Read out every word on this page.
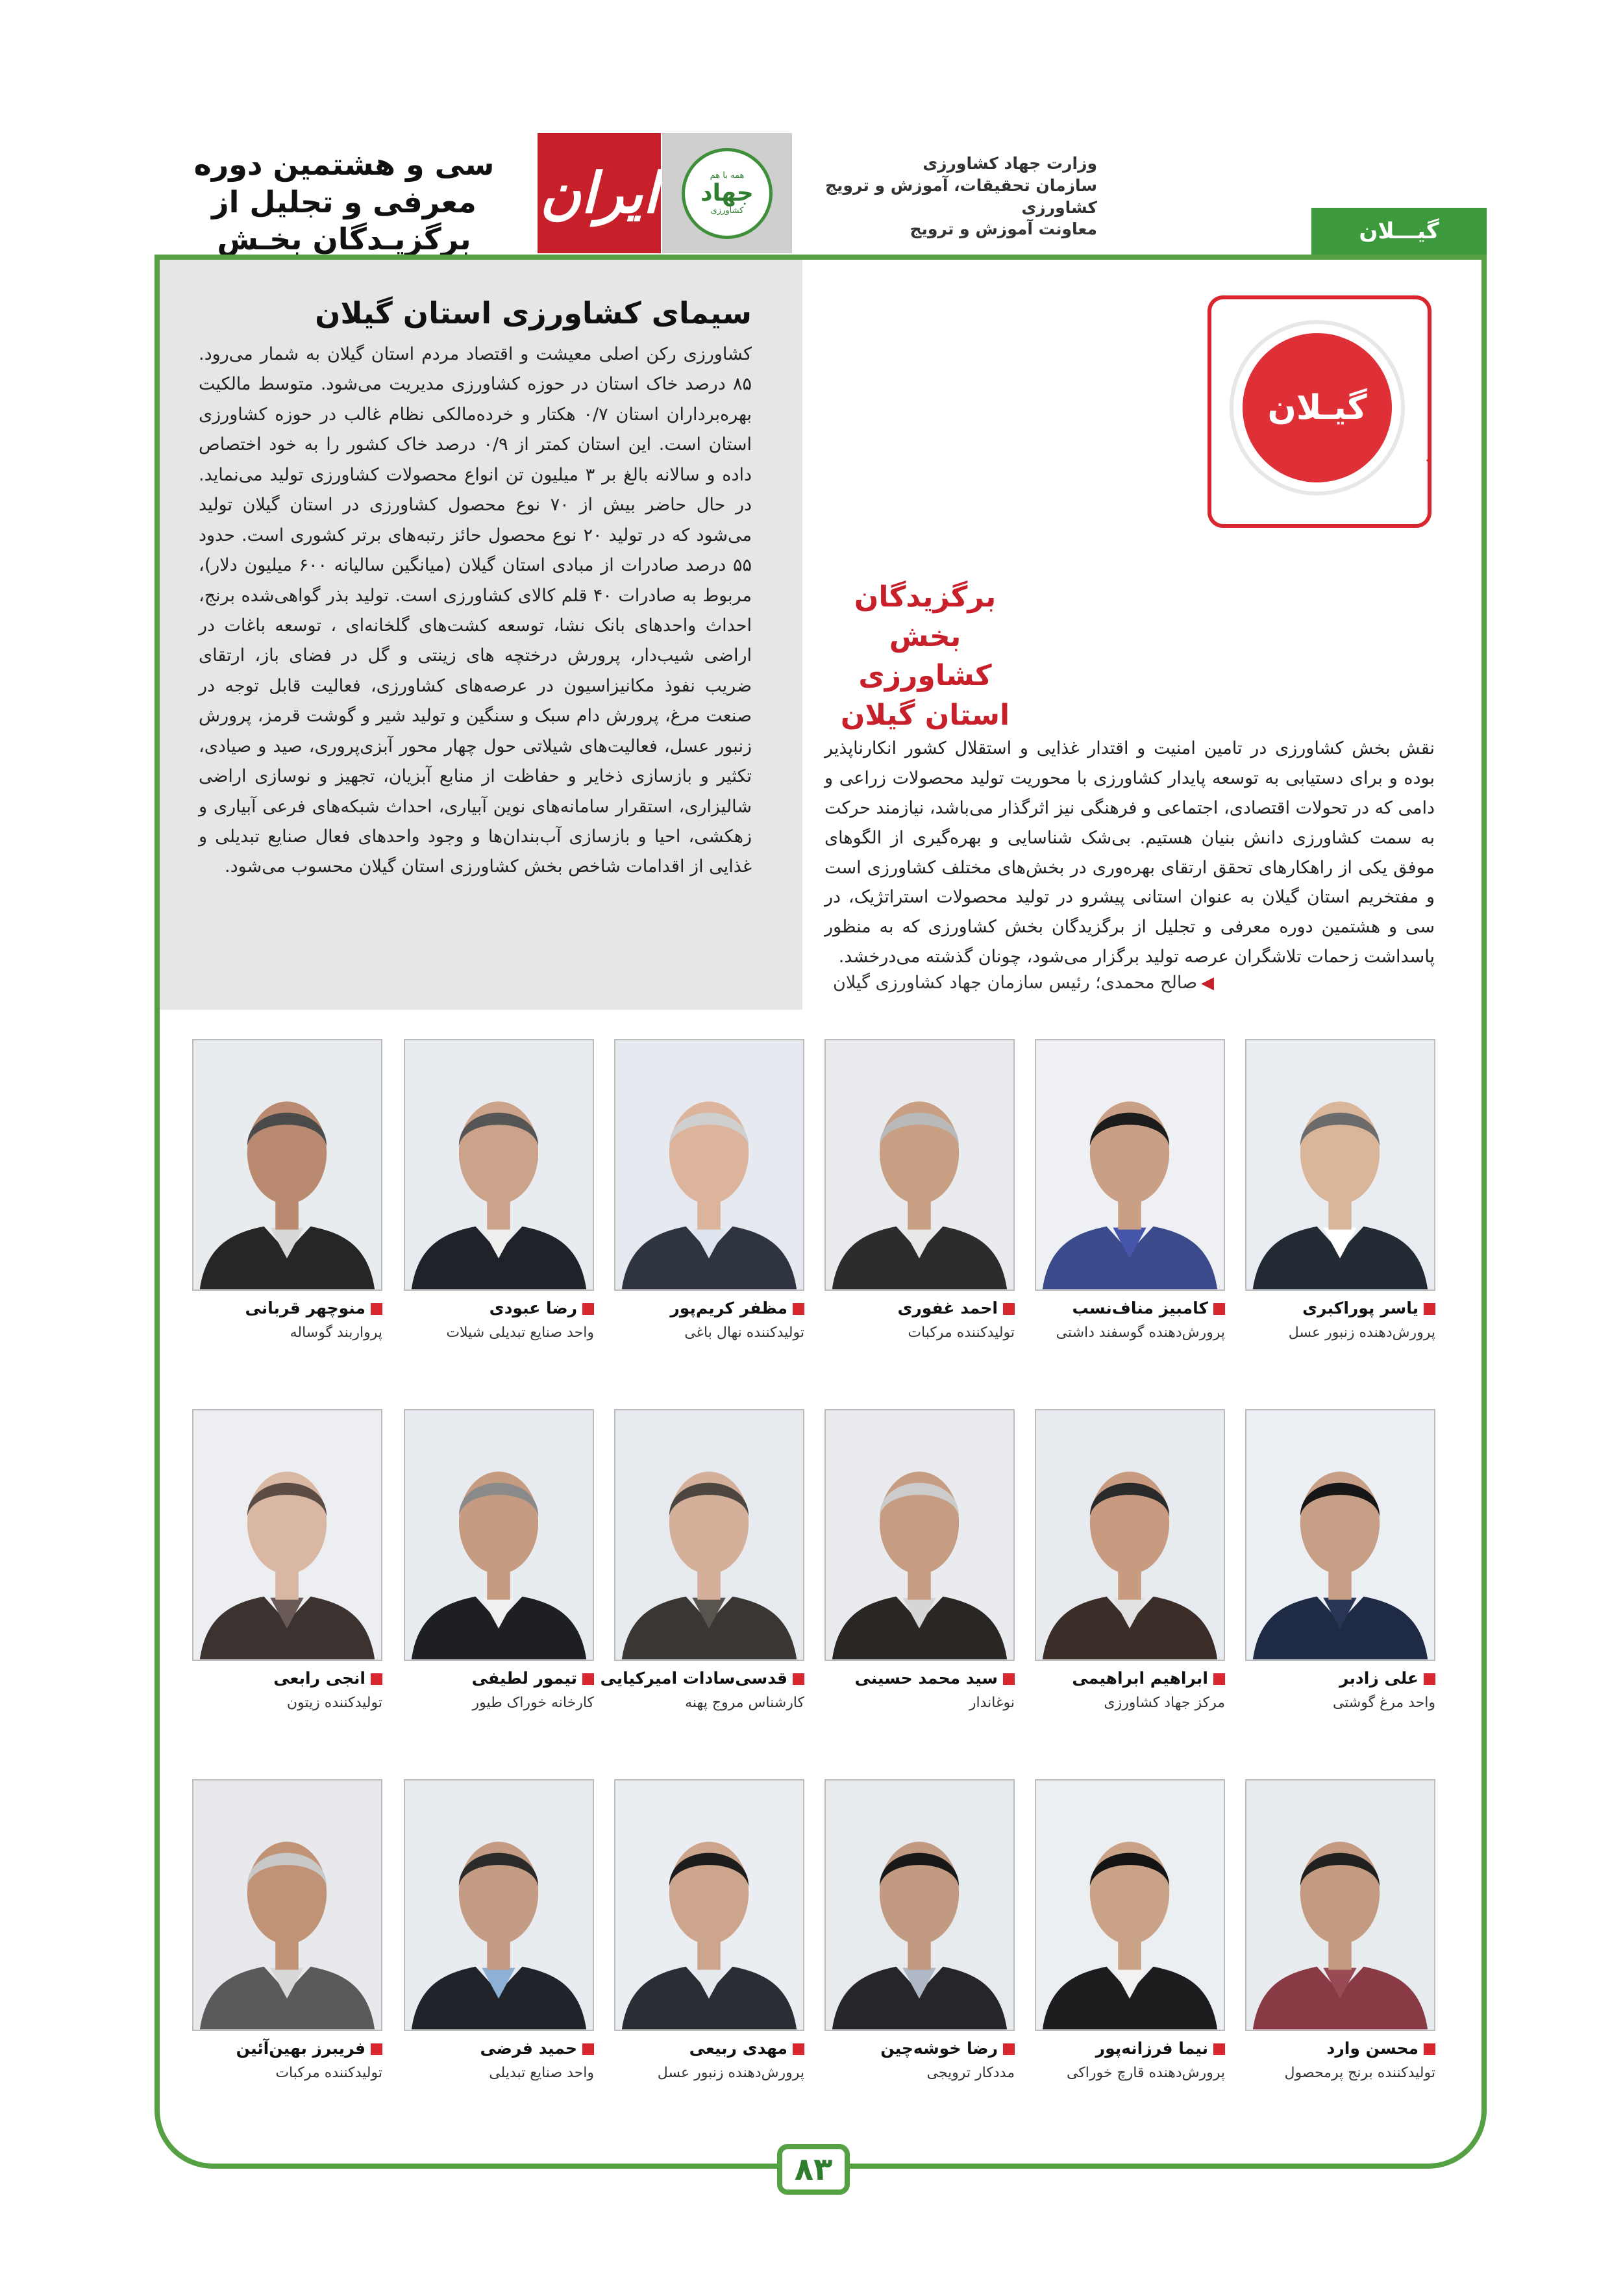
سی و هشتمین دوره معرفی و تجلیل از
برگزیـدگان بخـش
ایران	همه با هم
جهاد
کشاورزی
وزارت جهاد کشاورزی
سازمان تحقیقات، آموزش و ترویج کشاورزی
معاونت آموزش و ترویج	گیـــلان
سیمای کشاورزی استان گیلان

کشاورزی رکن اصلی معیشت و اقتصاد مردم استان گیلان به شمار می‌رود. ۸۵ درصد خاک استان در حوزه کشاورزی مدیریت می‌شود. متوسط مالکیت بهره‌برداران استان ۰/۷ هکتار و خرده‌مالکی نظام غالب در حوزه کشاورزی استان است. این استان کمتر از ۰/۹ درصد خاک کشور را به خود اختصاص داده و سالانه بالغ بر ۳ میلیون تن انواع محصولات کشاورزی تولید می‌نماید. در حال حاضر بیش از ۷۰ نوع محصول کشاورزی در استان گیلان تولید می‌شود که در تولید ۲۰ نوع محصول حائز رتبه‌های برتر کشوری است. حدود ۵۵ درصد صادرات از مبادی استان گیلان (میانگین سالیانه ۶۰۰ میلیون دلار)، مربوط به صادرات ۴۰ قلم کالای کشاورزی است. تولید بذر گواهی‌شده برنج، احداث واحدهای بانک نشا، توسعه کشت‌های گلخانه‌ای ، توسعه باغات در اراضی شیب‌دار، پرورش درختچه های زینتی و گل در فضای باز، ارتقای ضریب نفوذ مکانیزاسیون در عرصه‌های کشاورزی، فعالیت قابل توجه در صنعت مرغ، پرورش دام سبک و سنگین و تولید شیر و گوشت قرمز، پرورش زنبور عسل، فعالیت‌های شیلاتی حول چهار محور آبزی‌پروری، صید و صیادی، تکثیر و بازسازی ذخایر و حفاظت از منابع آبزیان، تجهیز و نوسازی اراضی شالیزاری، استقرار سامانه‌های نوین آبیاری، احداث شبکه‌های فرعی آبیاری و زهکشی، احیا و بازسازی آب‌بندان‌ها و وجود واحدهای فعال صنایع تبدیلی و غذایی از اقدامات شاخص بخش کشاورزی استان گیلان محسوب می‌شود.

گیـلان
برگزیدگان
بخش کشاورزی
استان گیلان

نقش بخش کشاورزی در تامین امنیت و اقتدار غذایی و استقلال کشور انکارناپذیر بوده و برای دستیابی به توسعه پایدار کشاورزی با محوریت تولید محصولات زراعی و دامی که در تحولات اقتصادی، اجتماعی و فرهنگی نیز اثرگذار می‌باشد، نیازمند حرکت به سمت کشاورزی دانش بنیان هستیم. بی‌شک شناسایی و بهره‌گیری از الگوهای موفق یکی از راهکارهای تحقق ارتقای بهره‌وری در بخش‌های مختلف کشاورزی است و مفتخریم استان گیلان به عنوان استانی پیشرو در تولید محصولات استراتژیک، در سی و هشتمین دوره معرفی و تجلیل از برگزیدگان بخش کشاورزی که به منظور پاسداشت زحمات تلاشگران عرصه تولید برگزار می‌شود، چونان گذشته می‌درخشد.

◀صالح محمدی؛ رئیس سازمان جهاد کشاورزی گیلان
یاسر پوراکبری
پرورش‌دهنده زنبور عسل
کامبیز مناف‌نسب
پرورش‌دهنده گوسفند داشتی
احمد غفوری
تولیدکننده مرکبات
مظفر کریم‌پور
تولیدکننده نهال باغی
رضا عبودی
واحد صنایع تبدیلی شیلات
منوچهر قربانی
پرواربند گوساله
علی زادبر
واحد مرغ گوشتی
ابراهیم ابراهیمی
مرکز جهاد کشاورزی
سید محمد حسینی
نوغاندار
قدسی‌سادات امیرکیایی
کارشناس مروج پهنه
تیمور لطیفی
کارخانه خوراک طیور
انجی رابعی
تولیدکننده زیتون
محسن وارد
تولیدکننده برنج پرمحصول
نیما فرزانه‌پور
پرورش‌دهنده قارچ خوراکی
رضا خوشه‌چین
مددکار ترویجی
مهدی ربیعی
پرورش‌دهنده زنبور عسل
حمید فرضی
واحد صنایع تبدیلی
فریبرز بهین‌آئین
تولیدکننده مرکبات
۸۳
